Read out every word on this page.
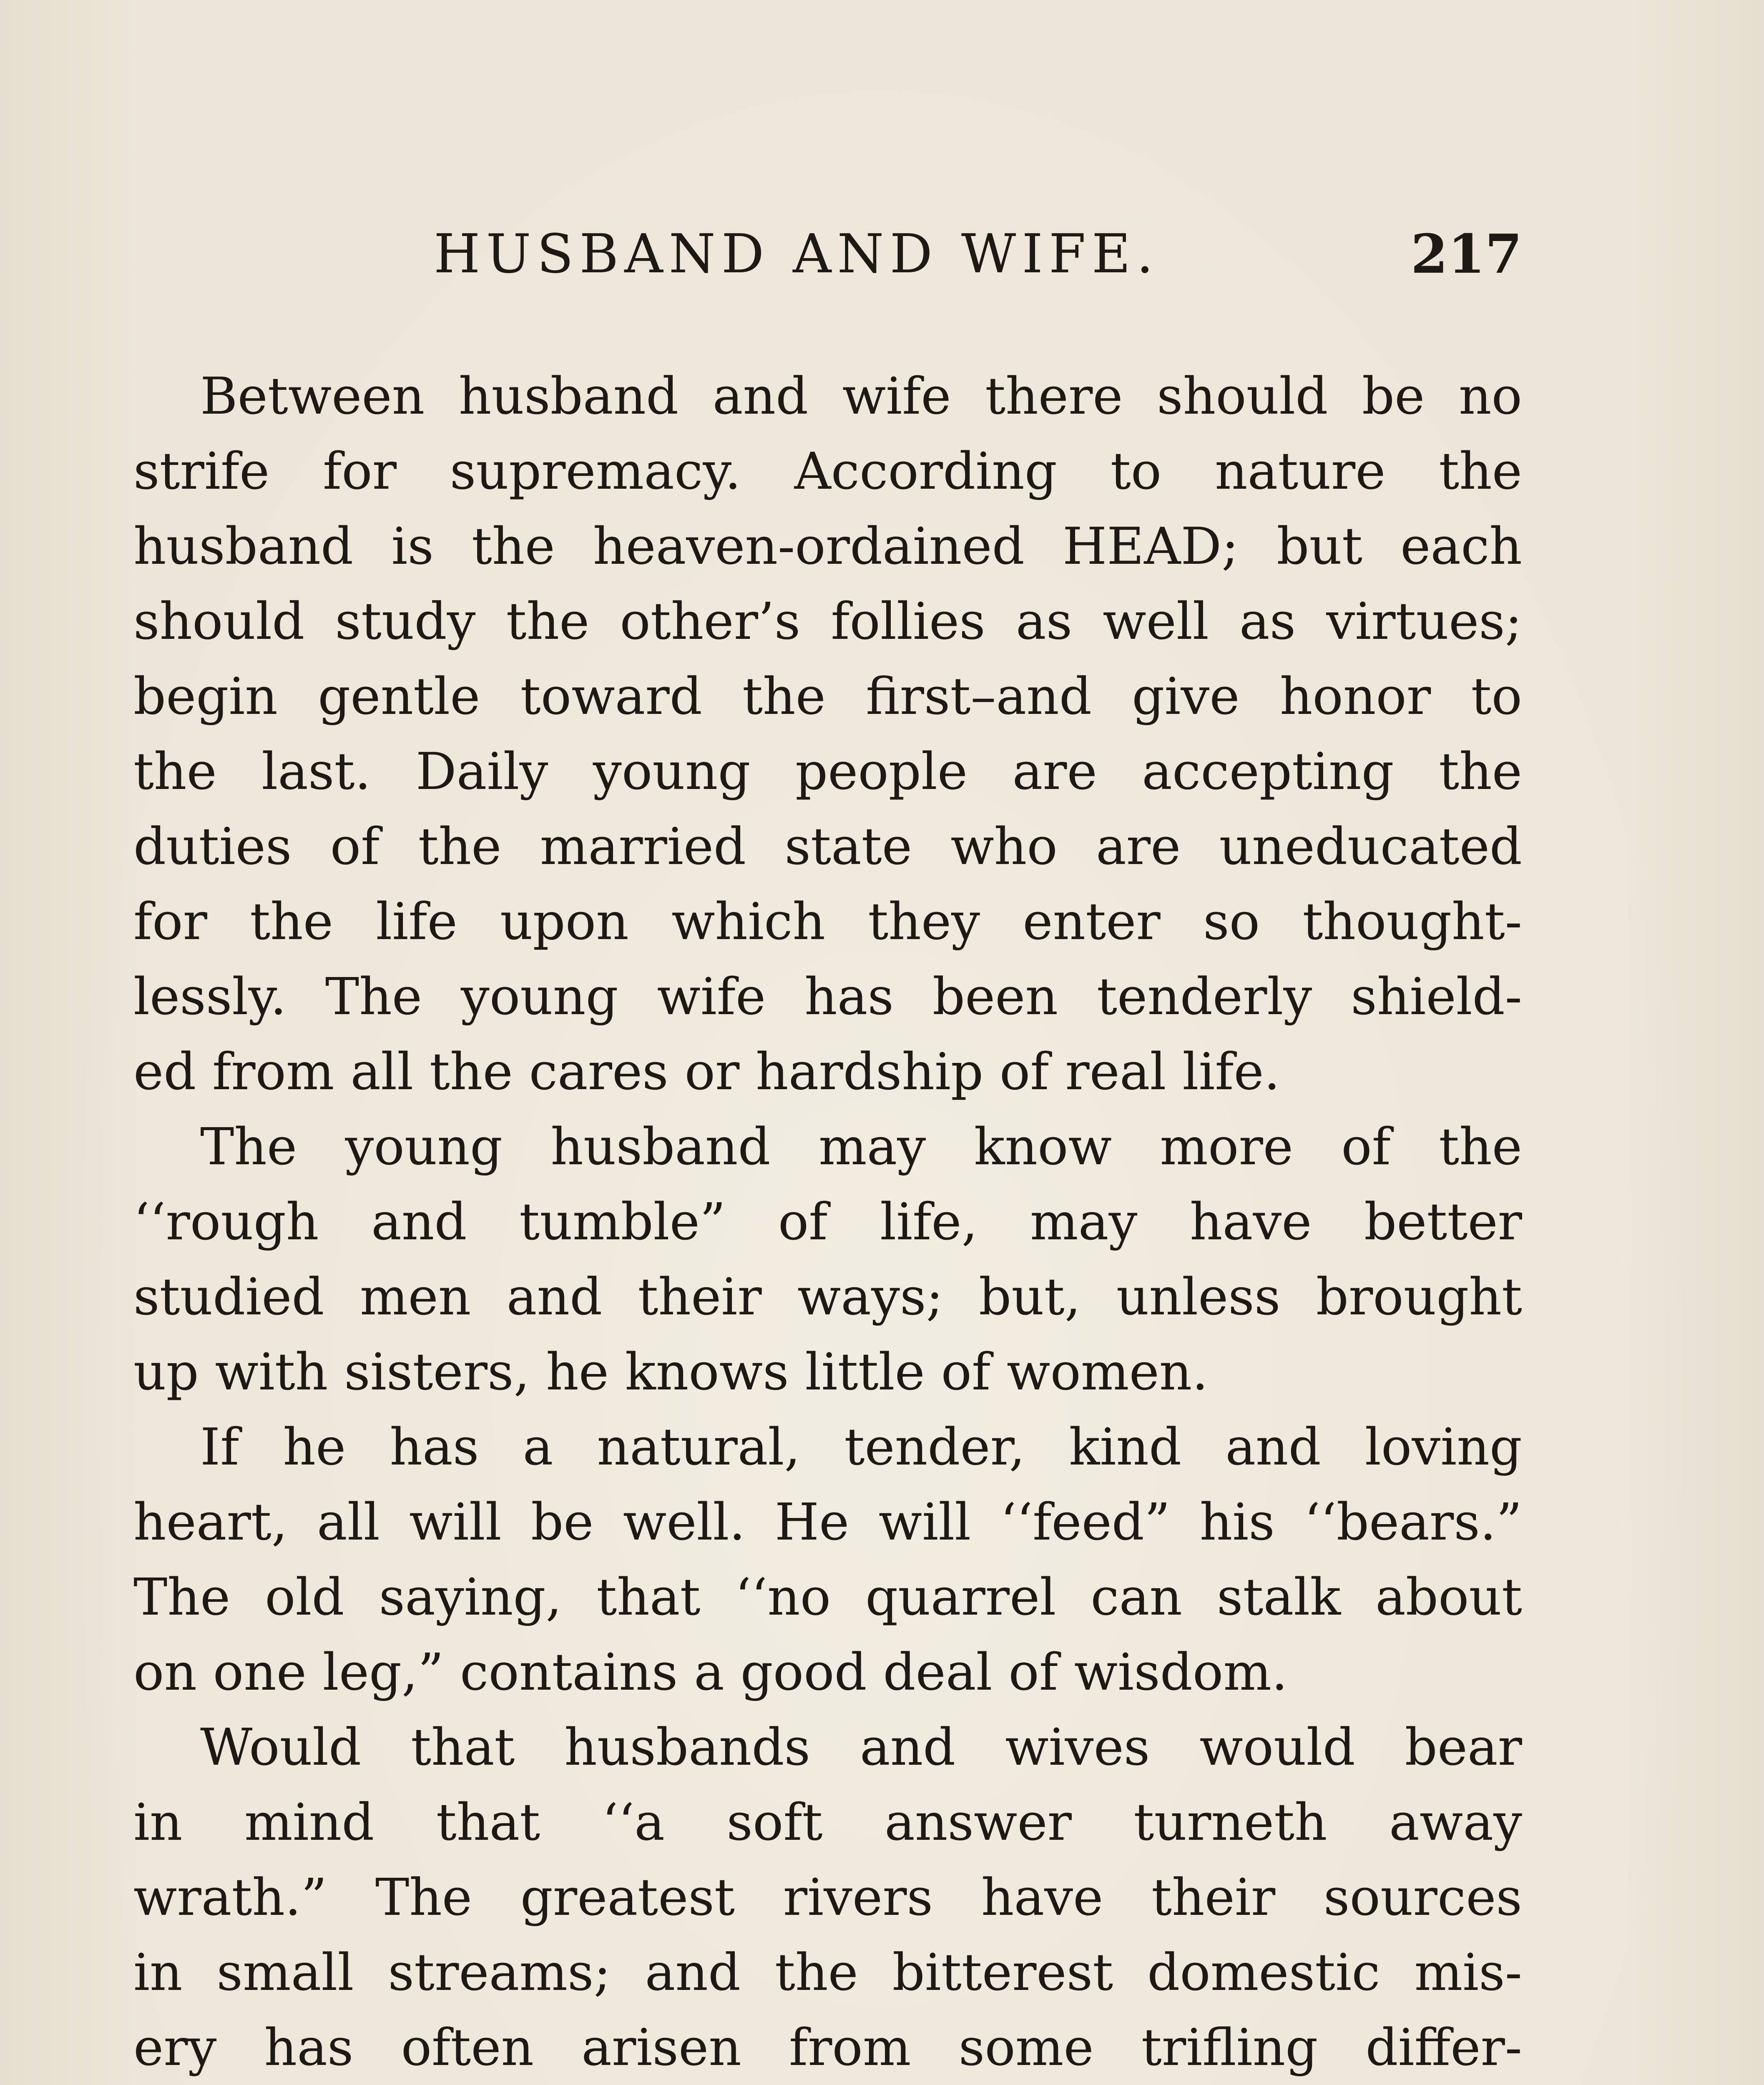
HUSBAND AND WIFE.	217
Between husband and wife there should be no
strife for supremacy. According to nature the
husband is the heaven-ordained HEAD; but each
should study the other’s follies as well as virtues;
begin gentle toward the first–and give honor to
the last. Daily young people are accepting the
duties of the married state who are uneducated
for the life upon which they enter so thought-
lessly. The young wife has been tenderly shield-
ed from all the cares or hardship of real life.
The young husband may know more of the
‘‘rough and tumble” of life, may have better
studied men and their ways; but, unless brought
up with sisters, he knows little of women.
If he has a natural, tender, kind and loving
heart, all will be well. He will ‘‘feed” his ‘‘bears.”
The old saying, that ‘‘no quarrel can stalk about
on one leg,” contains a good deal of wisdom.
Would that husbands and wives would bear
in mind that ‘‘a soft answer turneth away
wrath.” The greatest rivers have their sources
in small streams; and the bitterest domestic mis-
ery has often arisen from some trifling differ-
